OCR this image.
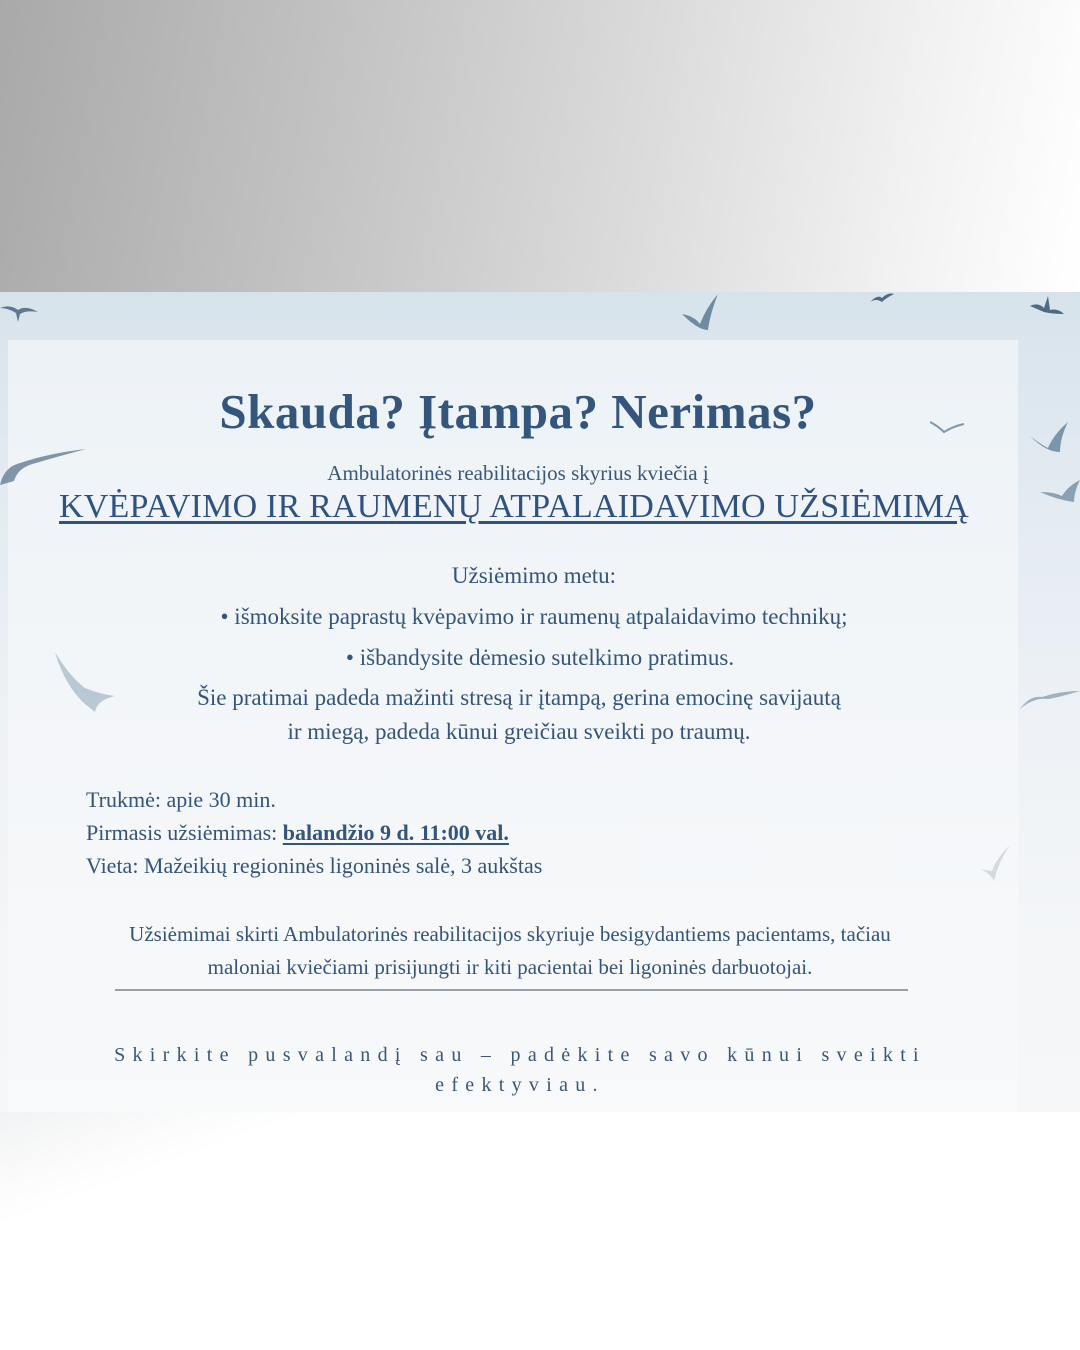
Skauda? Įtampa? Nerimas?
Ambulatorinės reabilitacijos skyrius kviečia į
KVĖPAVIMO IR RAUMENŲ ATPALAIDAVIMO UŽSIĖMIMĄ
Užsiėmimo metu:
• išmoksite paprastų kvėpavimo ir raumenų atpalaidavimo technikų;
• išbandysite dėmesio sutelkimo pratimus.
Šie pratimai padeda mažinti stresą ir įtampą, gerina emocinę savijautą
ir miegą, padeda kūnui greičiau sveikti po traumų.
Trukmė: apie 30 min.
Pirmasis užsiėmimas: balandžio 9 d. 11:00 val.
Vieta: Mažeikių regioninės ligoninės salė, 3 aukštas
Užsiėmimai skirti Ambulatorinės reabilitacijos skyriuje besigydantiems pacientams, tačiau
maloniai kviečiami prisijungti ir kiti pacientai bei ligoninės darbuotojai.
Skirkite pusvalandį sau – padėkite savo kūnui sveikti
efektyviau.
